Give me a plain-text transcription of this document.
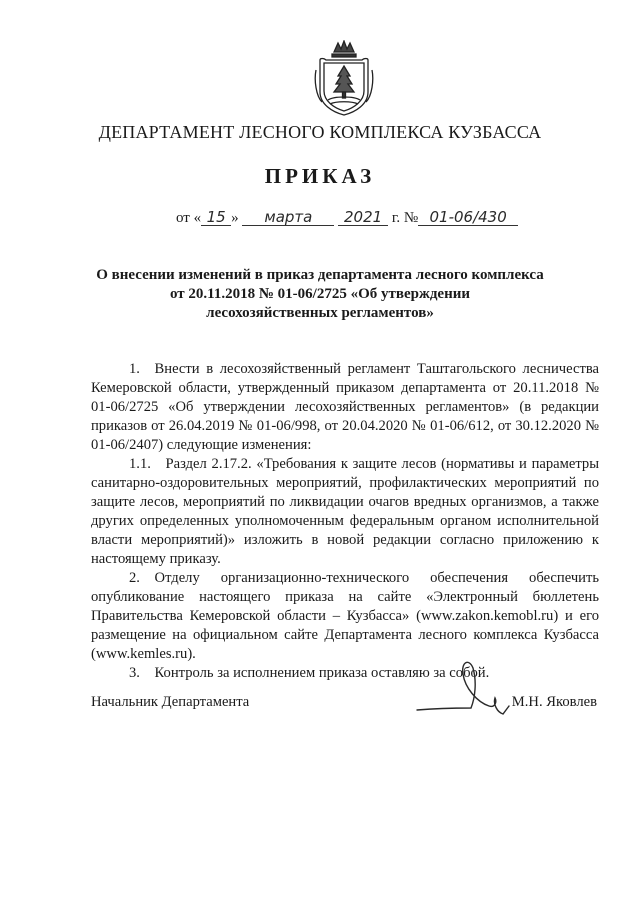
ДЕПАРТАМЕНТ ЛЕСНОГО КОМПЛЕКСА КУЗБАССА
ПРИКАЗ
от « 15 » марта 2021 г. № 01-06/430
О внесении изменений в приказ департамента лесного комплекса
от 20.11.2018 № 01-06/2725 «Об утверждении
лесохозяйственных регламентов»

1. Внести в лесохозяйственный регламент Таштагольского лесничества Кемеровской области, утвержденный приказом департамента от 20.11.2018 № 01-06/2725 «Об утверждении лесохозяйственных регламентов» (в редакции приказов от 26.04.2019 № 01-06/998, от 20.04.2020 № 01-06/612, от 30.12.2020 № 01-06/2407) следующие изменения:

1.1. Раздел 2.17.2. «Требования к защите лесов (нормативы и параметры санитарно-оздоровительных мероприятий, профилактических мероприятий по защите лесов, мероприятий по ликвидации очагов вредных организмов, а также других определенных уполномоченным федеральным органом исполнительной власти мероприятий)» изложить в новой редакции согласно приложению к настоящему приказу.

2. Отделу организационно-технического обеспечения обеспечить опубликование настоящего приказа на сайте «Электронный бюллетень Правительства Кемеровской области – Кузбасса» (www.zakon.kemobl.ru) и его размещение на официальном сайте Департамента лесного комплекса Кузбасса (www.kemles.ru).

3. Контроль за исполнением приказа оставляю за собой.

Начальник Департамента	М.Н. Яковлев
